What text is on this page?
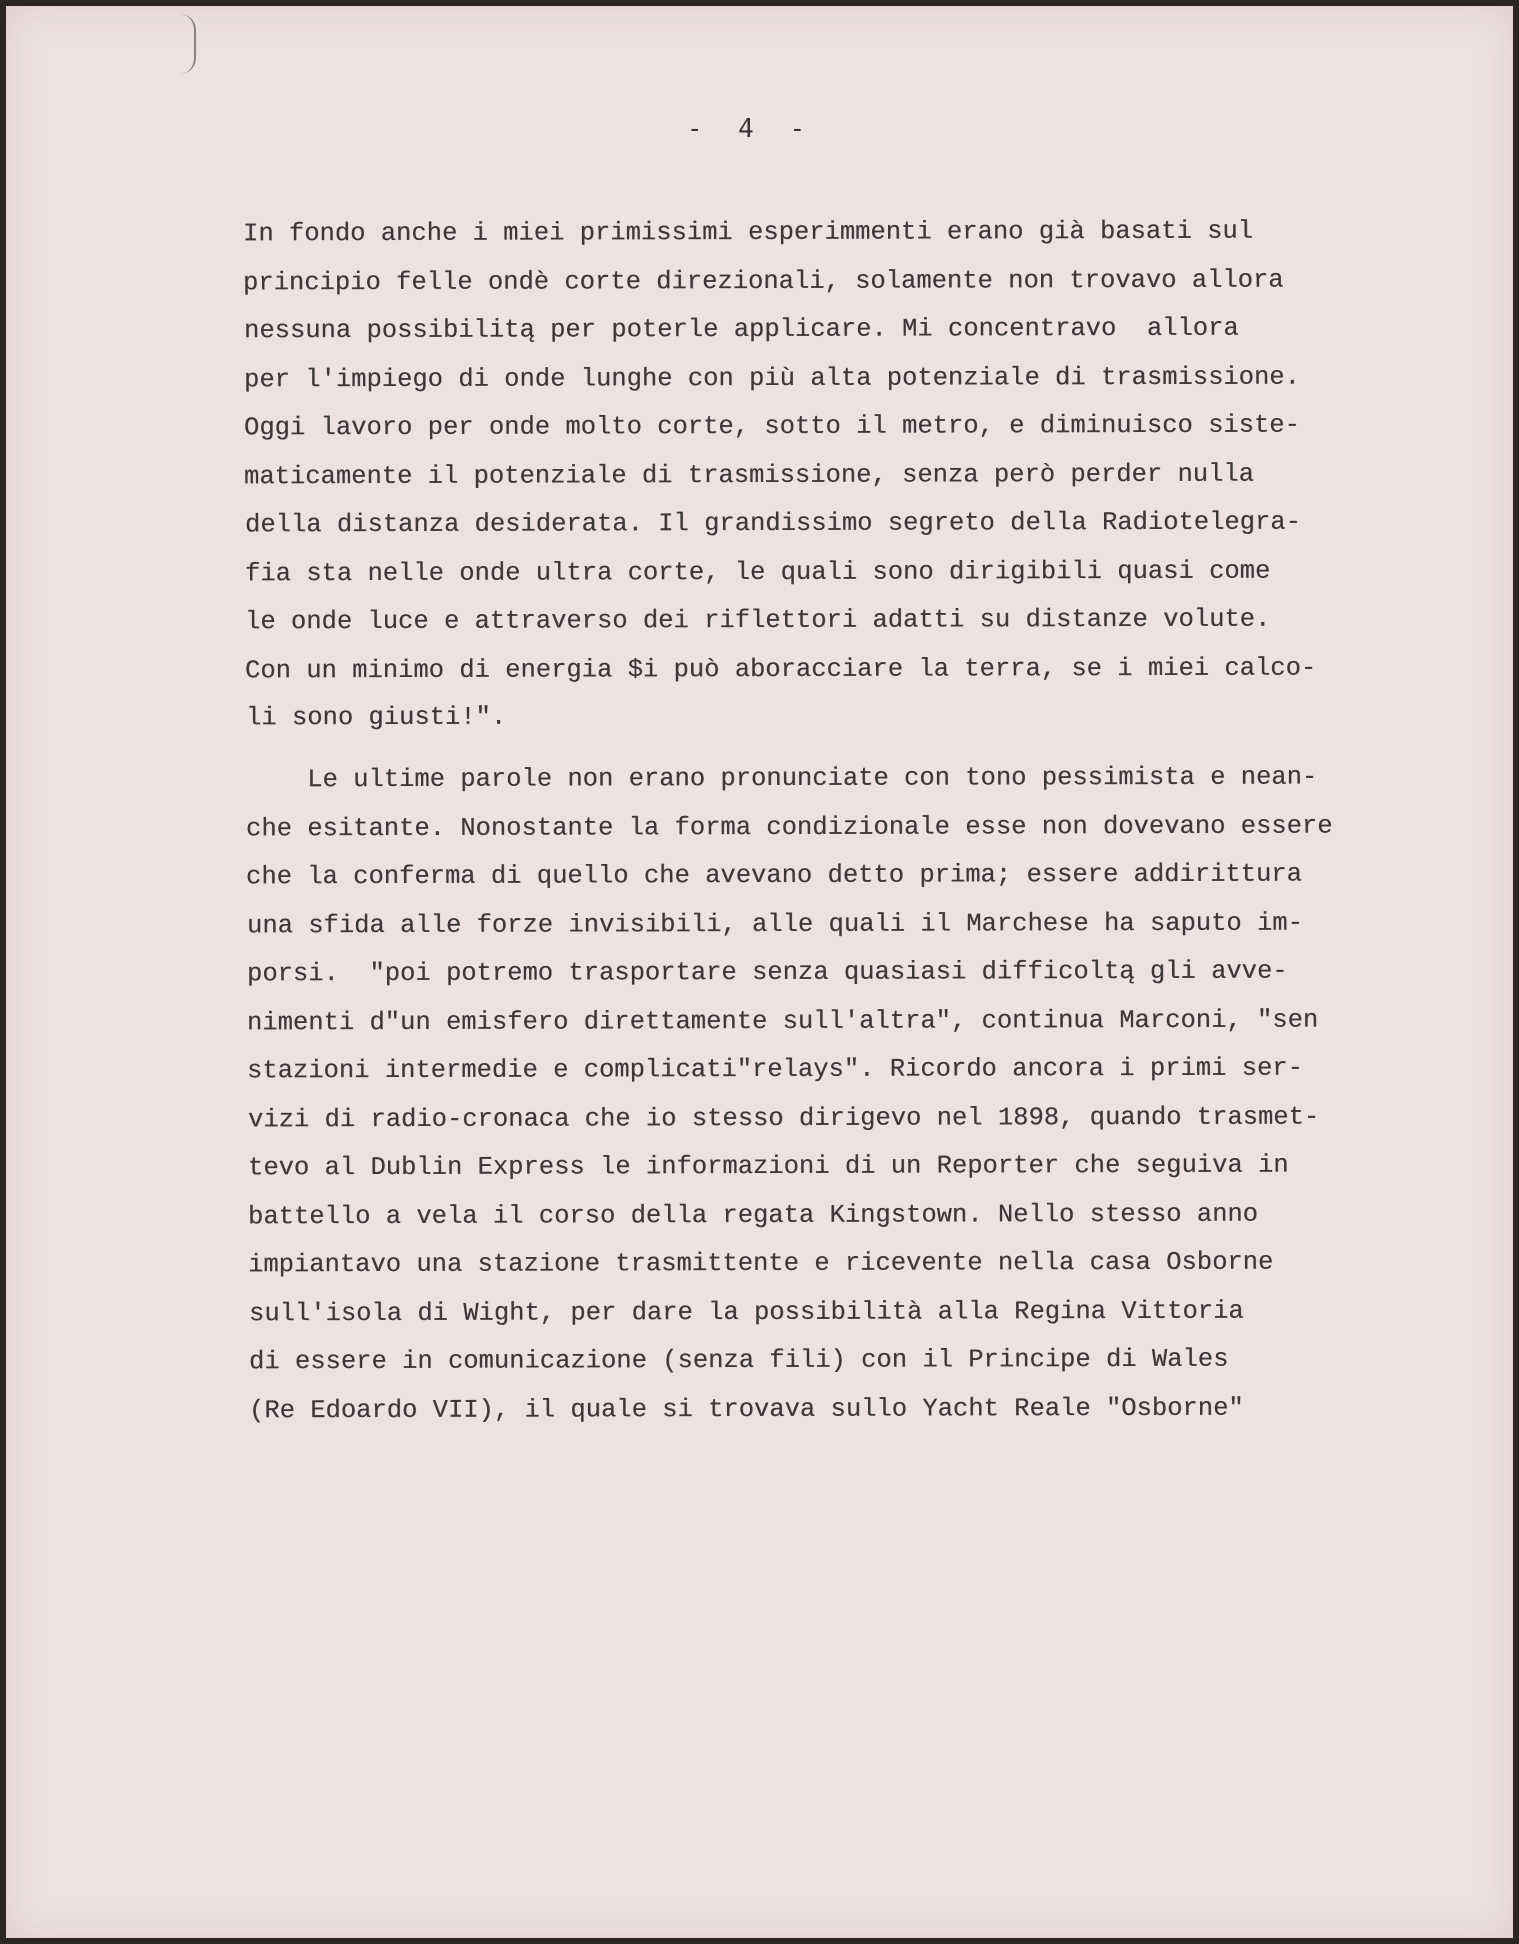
- 4 -
In fondo anche i miei primissimi esperimmenti erano già basati sul
principio felle ondè corte direzionali, solamente non trovavo allora
nessuna possibilitą per poterle applicare. Mi concentravo  allora
per l'impiego di onde lunghe con più alta potenziale di trasmissione.
Oggi lavoro per onde molto corte, sotto il metro, e diminuisco siste-
maticamente il potenziale di trasmissione, senza però perder nulla
della distanza desiderata. Il grandissimo segreto della Radiotelegra-
fia sta nelle onde ultra corte, le quali sono dirigibili quasi come
le onde luce e attraverso dei riflettori adatti su distanze volute.
Con un minimo di energia $i può aboracciare la terra, se i miei calco-
li sono giusti!".
Le ultime parole non erano pronunciate con tono pessimista e nean-
che esitante. Nonostante la forma condizionale esse non dovevano essere
che la conferma di quello che avevano detto prima; essere addirittura
una sfida alle forze invisibili, alle quali il Marchese ha saputo im-
porsi.  "poi potremo trasportare senza quasiasi difficoltą gli avve-
nimenti d"un emisfero direttamente sull'altra", continua Marconi, "sen
stazioni intermedie e complicati"relays". Ricordo ancora i primi ser-
vizi di radio-cronaca che io stesso dirigevo nel 1898, quando trasmet-
tevo al Dublin Express le informazioni di un Reporter che seguiva in
battello a vela il corso della regata Kingstown. Nello stesso anno
impiantavo una stazione trasmittente e ricevente nella casa Osborne
sull'isola di Wight, per dare la possibilità alla Regina Vittoria
di essere in comunicazione (senza fili) con il Principe di Wales
(Re Edoardo VII), il quale si trovava sullo Yacht Reale "Osborne"
